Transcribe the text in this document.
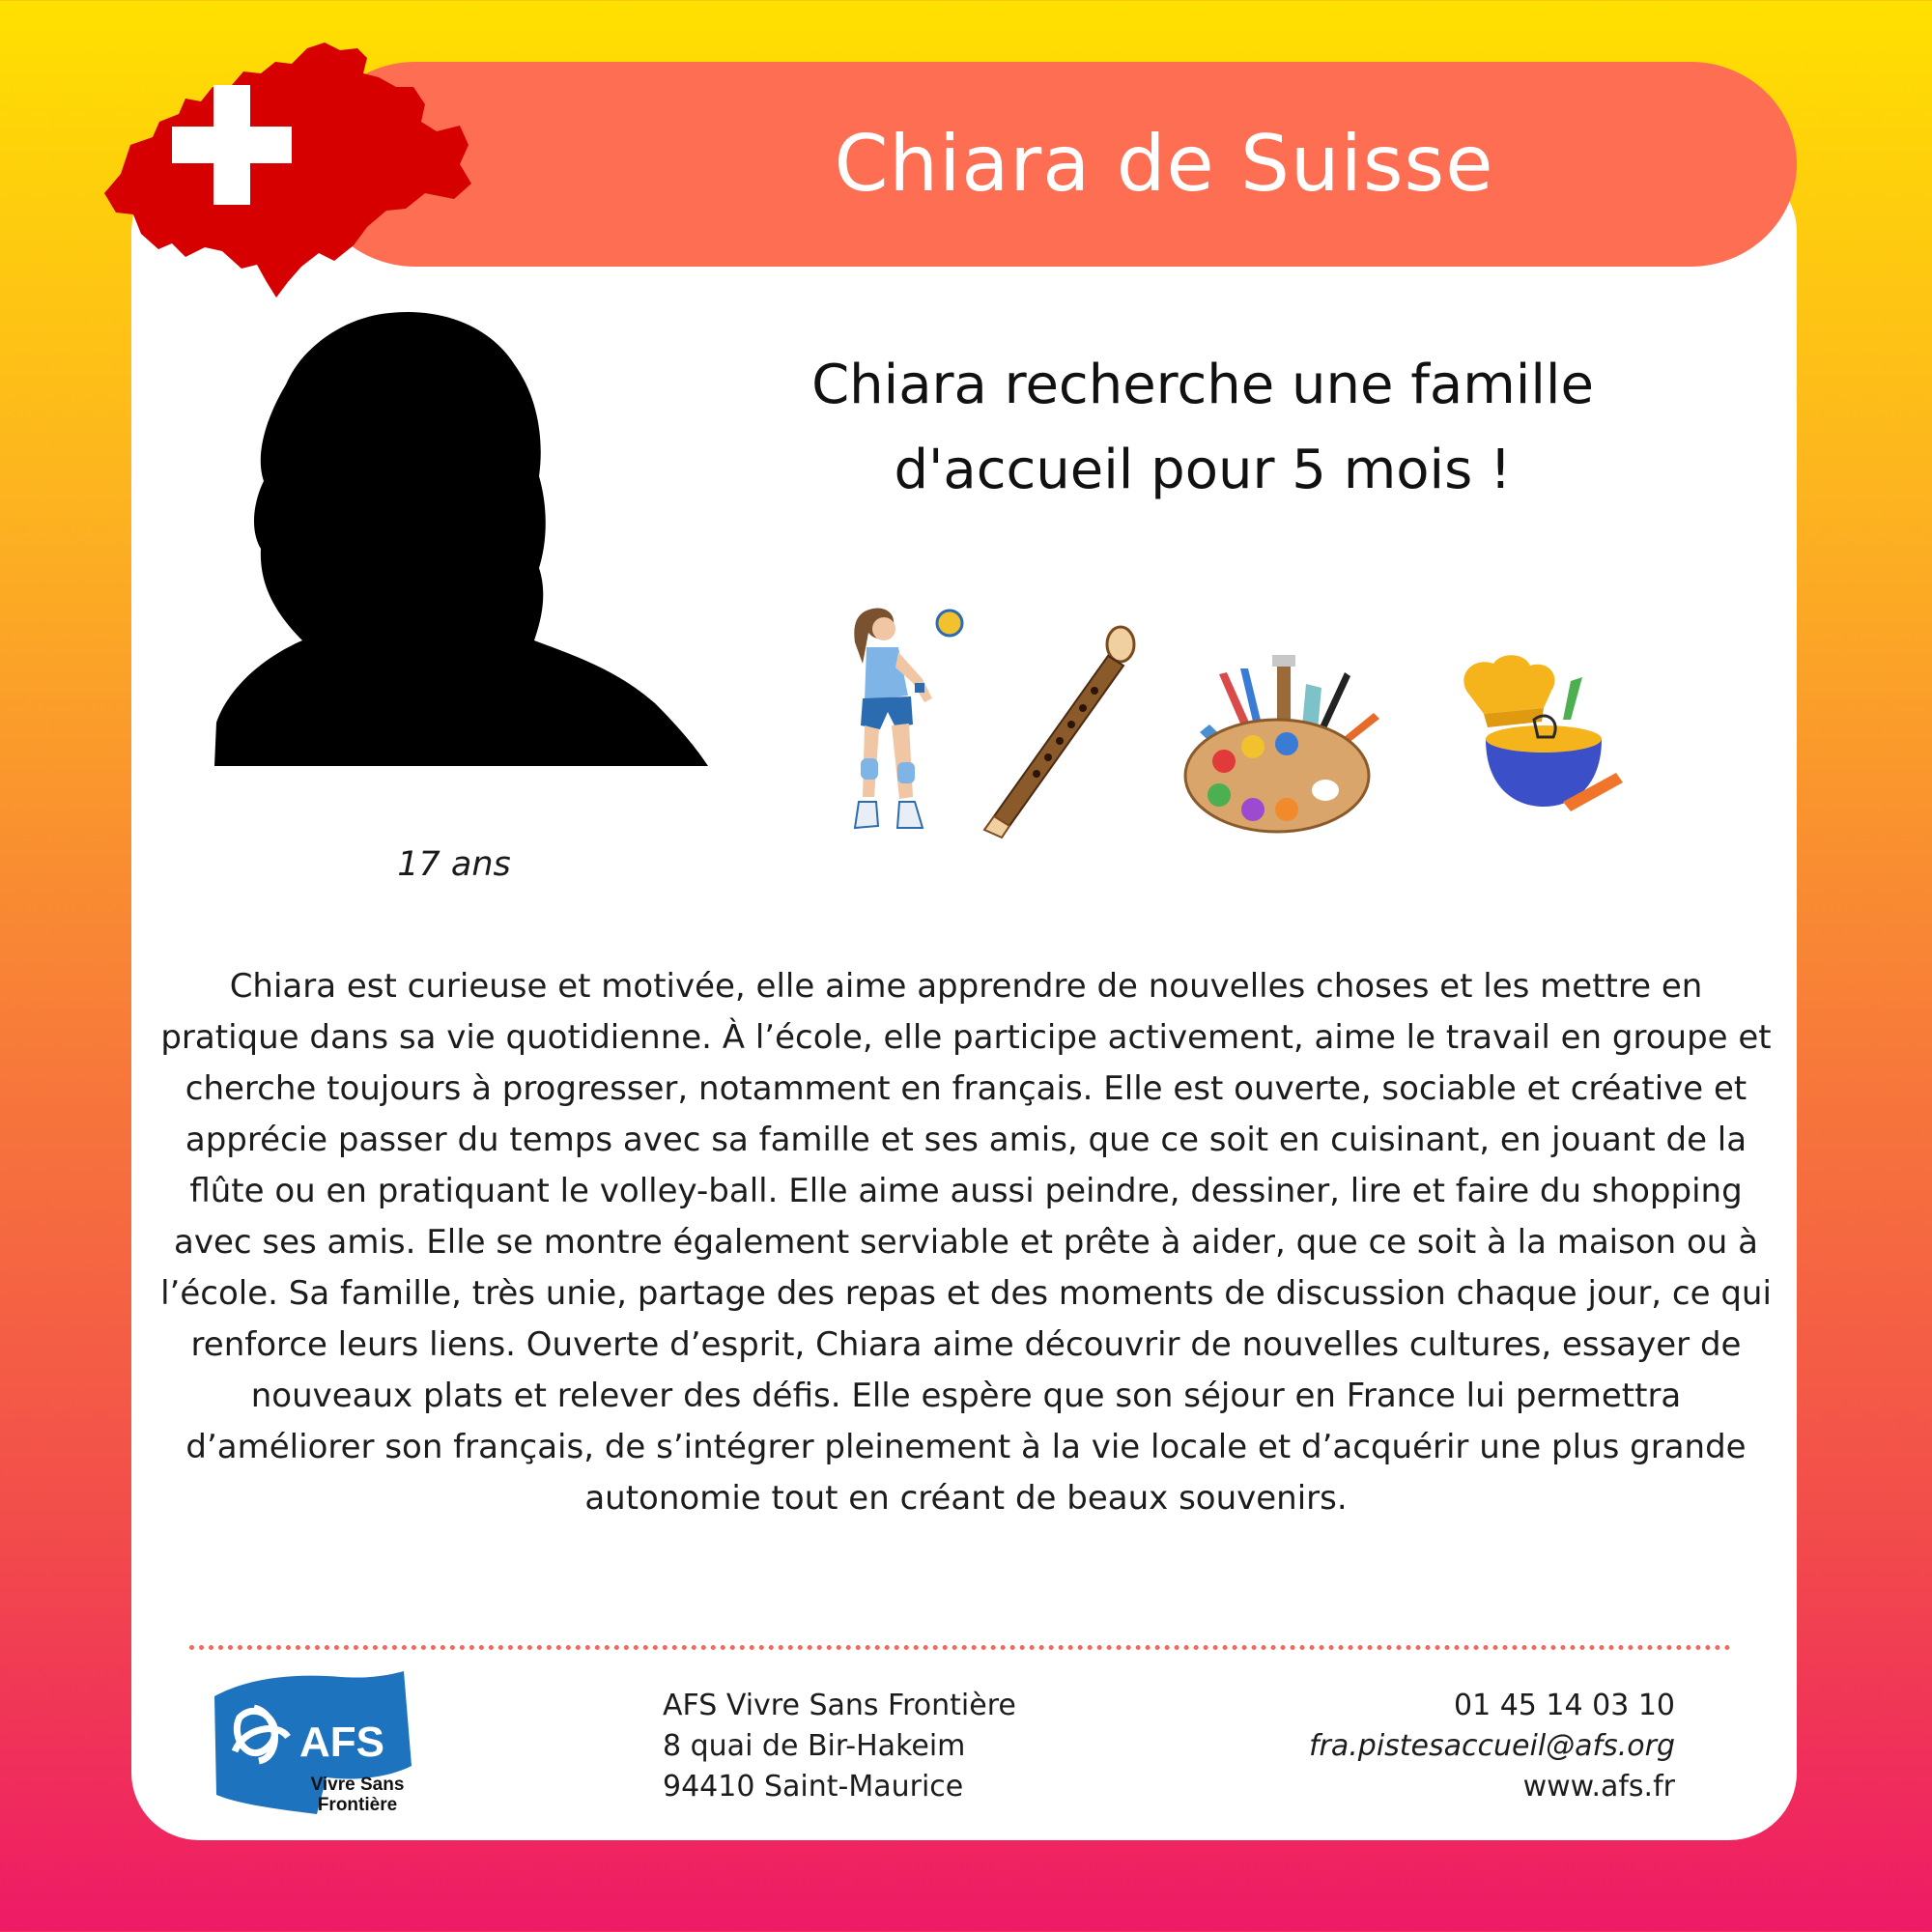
Chiara de Suisse
17 ans
Chiara recherche une famille d'accueil pour 5 mois !
Chiara est curieuse et motivée, elle aime apprendre de nouvelles choses et les mettre en pratique dans sa vie quotidienne. À l’école, elle participe activement, aime le travail en groupe et cherche toujours à progresser, notamment en français. Elle est ouverte, sociable et créative et apprécie passer du temps avec sa famille et ses amis, que ce soit en cuisinant, en jouant de la flûte ou en pratiquant le volley-ball. Elle aime aussi peindre, dessiner, lire et faire du shopping avec ses amis. Elle se montre également serviable et prête à aider, que ce soit à la maison ou à l’école. Sa famille, très unie, partage des repas et des moments de discussion chaque jour, ce qui renforce leurs liens. Ouverte d’esprit, Chiara aime découvrir de nouvelles cultures, essayer de nouveaux plats et relever des défis. Elle espère que son séjour en France lui permettra d’améliorer son français, de s’intégrer pleinement à la vie locale et d’acquérir une plus grande autonomie tout en créant de beaux souvenirs.
AFS
Vivre Sans
Frontière
AFS Vivre Sans Frontière
8 quai de Bir-Hakeim
94410 Saint-Maurice
01 45 14 03 10
fra.pistesaccueil@afs.org
www.afs.fr
